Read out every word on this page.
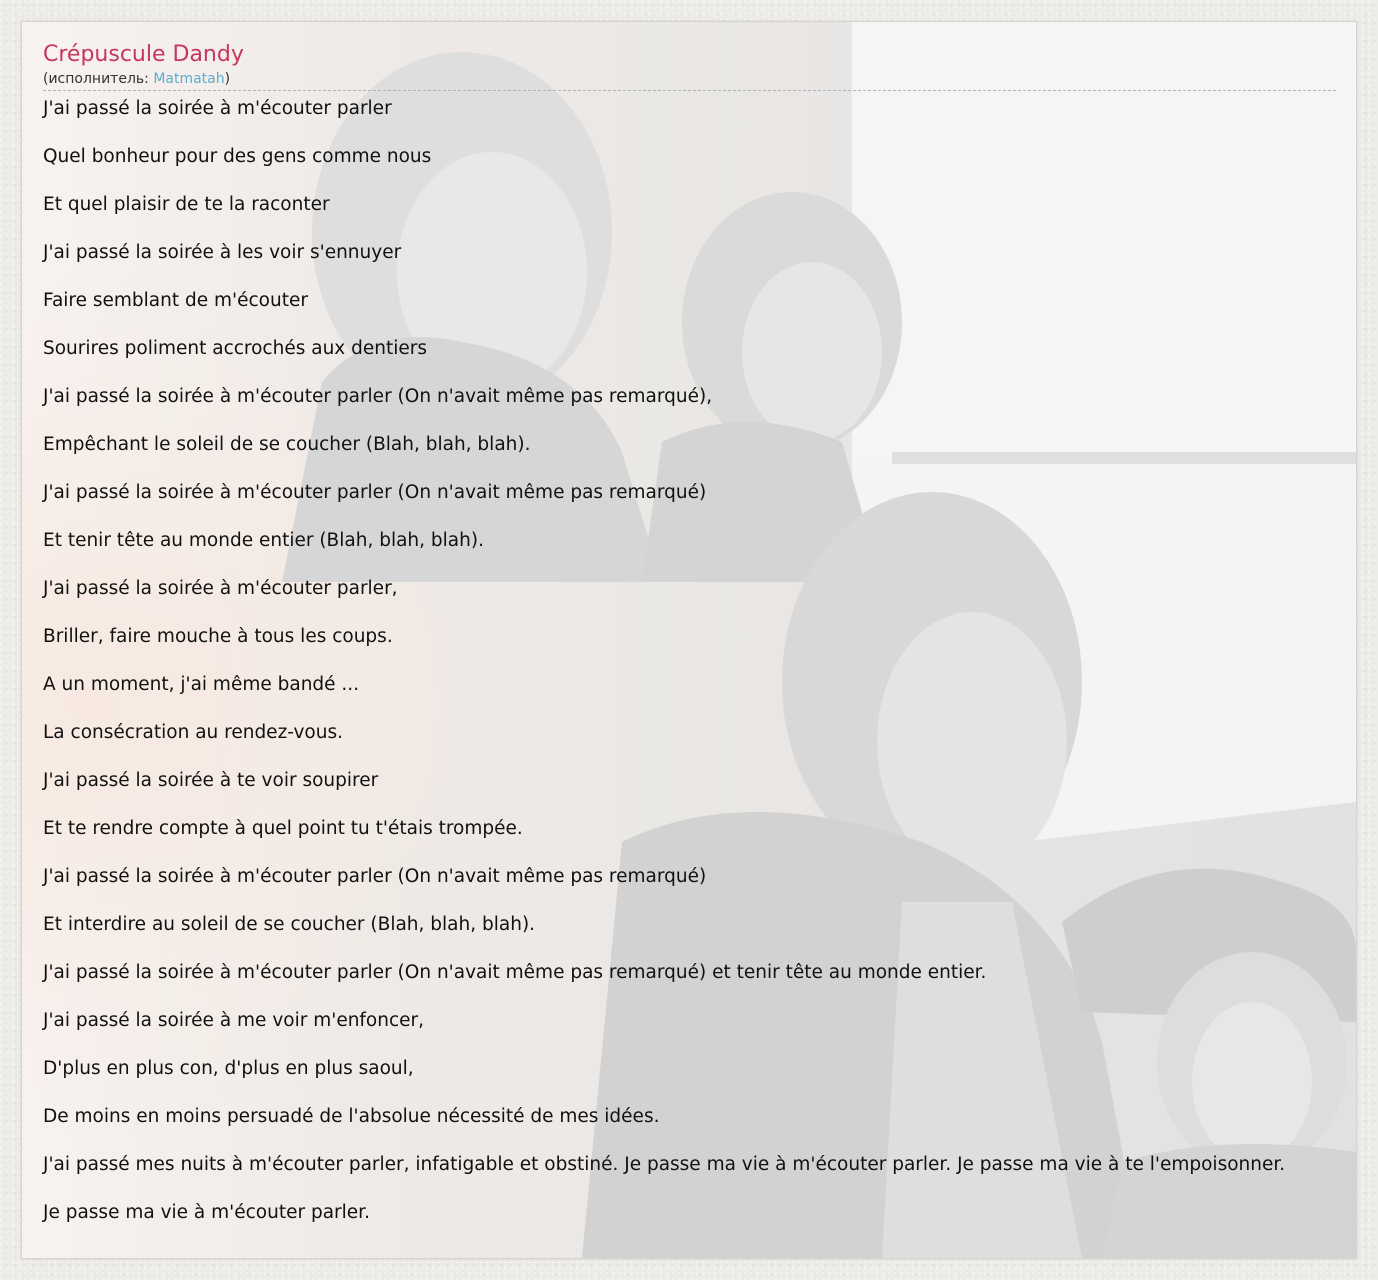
Crépuscule Dandy
(исполнитель: Matmatah)
J'ai passé la soirée à m'écouter parler
Quel bonheur pour des gens comme nous
Et quel plaisir de te la raconter
J'ai passé la soirée à les voir s'ennuyer
Faire semblant de m'écouter
Sourires poliment accrochés aux dentiers
J'ai passé la soirée à m'écouter parler (On n'avait même pas remarqué),
Empêchant le soleil de se coucher (Blah, blah, blah).
J'ai passé la soirée à m'écouter parler (On n'avait même pas remarqué)
Et tenir tête au monde entier (Blah, blah, blah).
J'ai passé la soirée à m'écouter parler,
Briller, faire mouche à tous les coups.
A un moment, j'ai même bandé ...
La consécration au rendez-vous.
J'ai passé la soirée à te voir soupirer
Et te rendre compte à quel point tu t'étais trompée.
J'ai passé la soirée à m'écouter parler (On n'avait même pas remarqué)
Et interdire au soleil de se coucher (Blah, blah, blah).
J'ai passé la soirée à m'écouter parler (On n'avait même pas remarqué) et tenir tête au monde entier.
J'ai passé la soirée à me voir m'enfoncer,
D'plus en plus con, d'plus en plus saoul,
De moins en moins persuadé de l'absolue nécessité de mes idées.
J'ai passé mes nuits à m'écouter parler, infatigable et obstiné. Je passe ma vie à m'écouter parler. Je passe ma vie à te l'empoisonner.
Je passe ma vie à m'écouter parler.
